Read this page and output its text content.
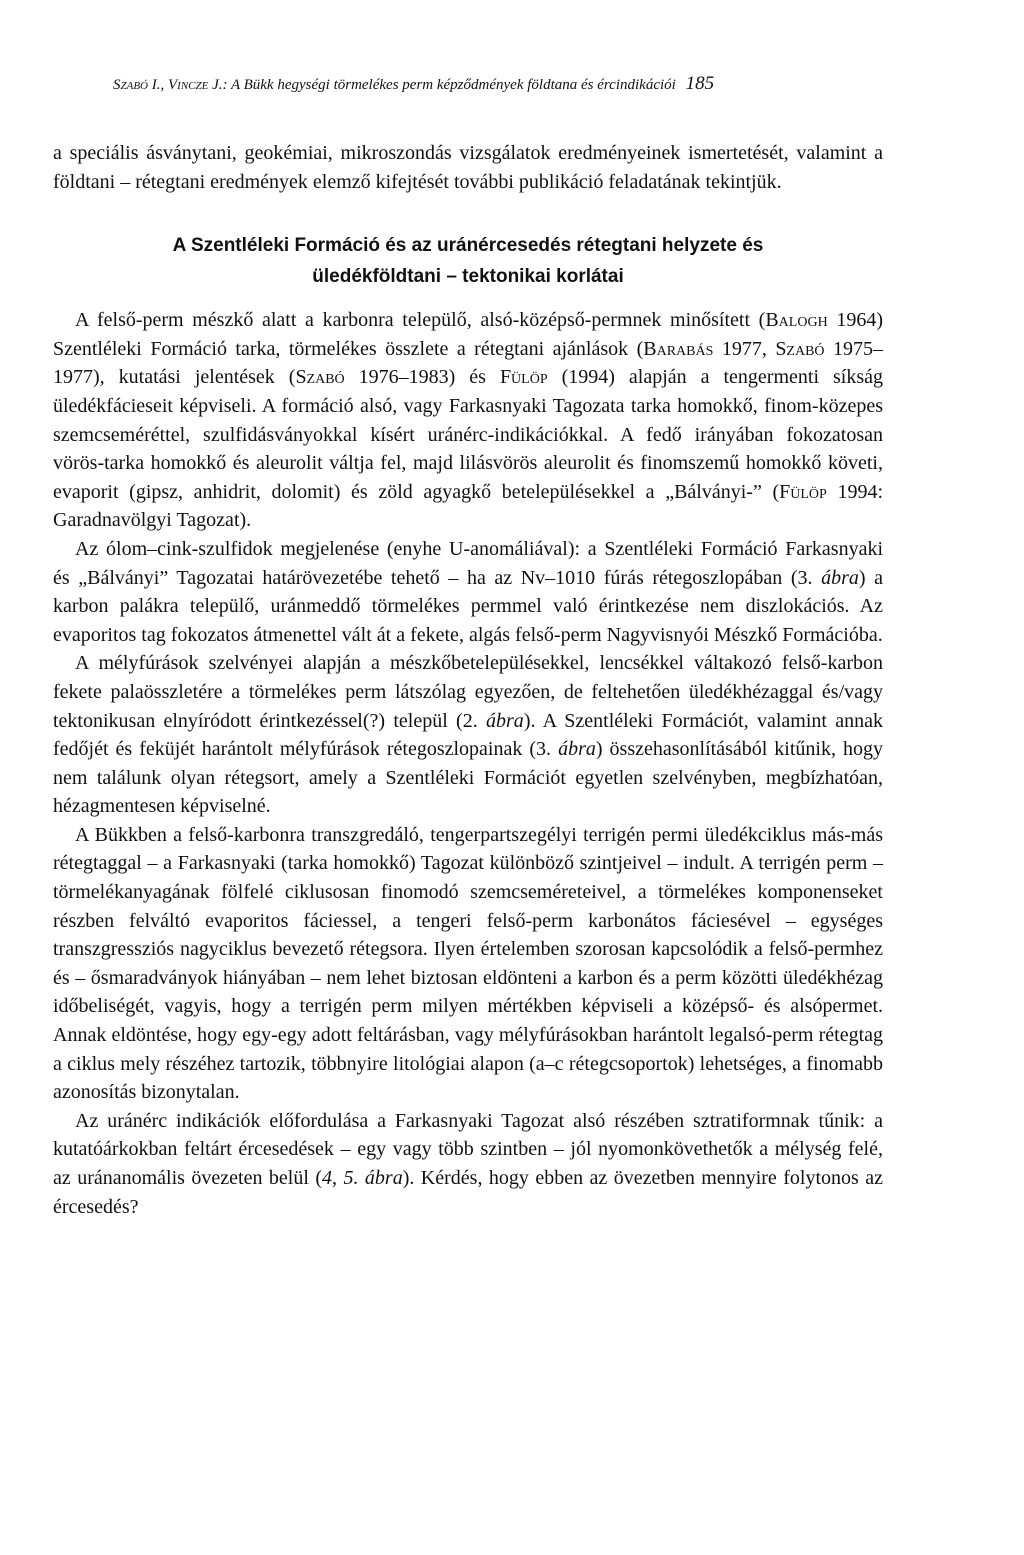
Szabó I., Vincze J.: A Bükk hegységi törmelékes perm képződmények földtana és ércindikációi 185

a speciális ásványtani, geokémiai, mikroszondás vizsgálatok eredményeinek ismertetését, valamint a földtani – rétegtani eredmények elemző kifejtését további publikáció feladatának tekintjük.

A Szentléleki Formáció és az uránércesedés rétegtani helyzete és
üledékföldtani – tektonikai korlátai

A felső-perm mészkő alatt a karbonra települő, alsó-középső-permnek minősített (Balogh 1964) Szentléleki Formáció tarka, törmelékes összlete a rétegtani ajánlások (Barabás 1977, Szabó 1975–1977), kutatási jelentések (Szabó 1976–1983) és Fülöp (1994) alapján a tengermenti síkság üledékfácieseit képviseli. A formáció alsó, vagy Farkasnyaki Tagozata tarka homokkő, finom-közepes szemcseméréttel, szulfidásványokkal kísért uránérc-indikációkkal. A fedő irányában fokozatosan vörös-tarka homokkő és aleurolit váltja fel, majd lilásvörös aleurolit és finomszemű homokkő követi, evaporit (gipsz, anhidrit, dolomit) és zöld agyagkő betelepülésekkel a „Bálványi-” (Fülöp 1994: Garadnavölgyi Tagozat).

Az ólom–cink-szulfidok megjelenése (enyhe U-anomáliával): a Szentléleki Formáció Farkasnyaki és „Bálványi” Tagozatai határövezetébe tehető – ha az Nv–1010 fúrás rétegoszlopában (3. ábra) a karbon palákra települő, uránmeddő törmelékes permmel való érintkezése nem diszlokációs. Az evaporitos tag fokozatos átmenettel vált át a fekete, algás felső-perm Nagyvisnyói Mészkő Formációba.

A mélyfúrások szelvényei alapján a mészkőbetelepülésekkel, lencsékkel váltakozó felső-karbon fekete palaösszletére a törmelékes perm látszólag egyezően, de feltehetően üledékhézaggal és/vagy tektonikusan elnyíródott érintkezéssel(?) települ (2. ábra). A Szentléleki Formációt, valamint annak fedőjét és feküjét harántolt mélyfúrások rétegoszlopainak (3. ábra) összehasonlításából kitűnik, hogy nem találunk olyan rétegsort, amely a Szentléleki Formációt egyetlen szelvényben, megbízhatóan, hézagmentesen képviselné.

A Bükkben a felső-karbonra transzgredáló, tengerpartszegélyi terrigén permi üledékciklus más-más rétegtaggal – a Farkasnyaki (tarka homokkő) Tagozat különböző szintjeivel – indult. A terrigén perm – törmelékanyagának fölfelé ciklusosan finomodó szemcseméreteivel, a törmelékes komponenseket részben felváltó evaporitos fáciessel, a tengeri felső-perm karbonátos fáciesével – egységes transzgressziós nagyciklus bevezető rétegsora. Ilyen értelemben szorosan kapcsolódik a felső-permhez és – ősmaradványok hiányában – nem lehet biztosan eldönteni a karbon és a perm közötti üledékhézag időbeliségét, vagyis, hogy a terrigén perm milyen mértékben képviseli a középső- és alsópermet. Annak eldöntése, hogy egy-egy adott feltárásban, vagy mélyfúrásokban harántolt legalsó-perm rétegtag a ciklus mely részéhez tartozik, többnyire litológiai alapon (a–c rétegcsoportok) lehetséges, a finomabb azonosítás bizonytalan.

Az uránérc indikációk előfordulása a Farkasnyaki Tagozat alsó részében sztratiformnak tűnik: a kutatóárkokban feltárt ércesedések – egy vagy több szintben – jól nyomonkövethetők a mélység felé, az uránanomális övezeten belül (4, 5. ábra). Kérdés, hogy ebben az övezetben mennyire folytonos az ércesedés?
